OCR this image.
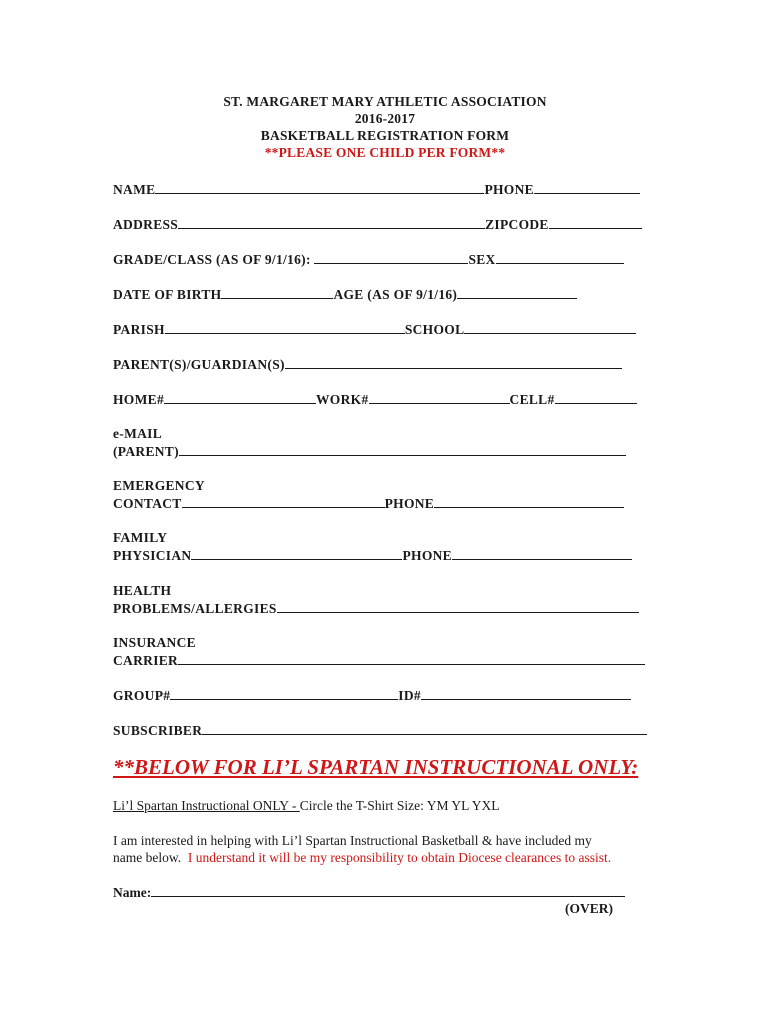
ST. MARGARET MARY ATHLETIC ASSOCIATION
2016-2017
BASKETBALL REGISTRATION FORM
**PLEASE ONE CHILD PER FORM**
NAME	PHONE
ADDRESS	ZIPCODE
GRADE/CLASS (AS OF 9/1/16):	SEX
DATE OF BIRTH	AGE (AS OF 9/1/16)
PARISH	SCHOOL
PARENT(S)/GUARDIAN(S)
HOME#	WORK#	CELL#
e-MAIL
(PARENT)
EMERGENCY
CONTACT	PHONE
FAMILY
PHYSICIAN	PHONE
HEALTH
PROBLEMS/ALLERGIES
INSURANCE
CARRIER
GROUP#	ID#
SUBSCRIBER
**BELOW FOR LI’L SPARTAN INSTRUCTIONAL ONLY:
Li’l Spartan Instructional ONLY - Circle the T-Shirt Size: YM YL YXL
I am interested in helping with Li’l Spartan Instructional Basketball & have included my
name below. I understand it will be my responsibility to obtain Diocese clearances to assist.
Name:
(OVER)
